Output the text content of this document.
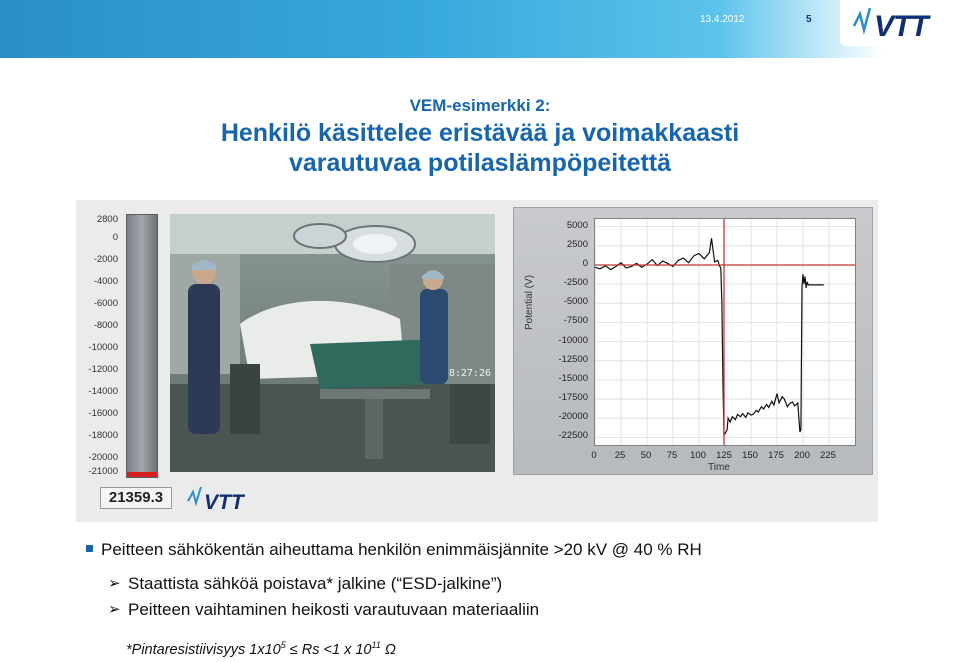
13.4.2012	5 VTT
VEM-esimerkki 2:
Henkilö käsittelee eristävää ja voimakkaasti
varautuvaa potilaslämpöpeitettä
2800
0
-2000
-4000
-6000
-8000
-10000
-12000
-14000
-16000
-18000
-20000
-21000
21359.3	VTT
8:27:26
5000
2500
0
-2500
-5000
-7500
-10000
-12500
-15000
-17500
-20000
-22500
0	25	50	75	100	125	150	175	200	225
Potential (V)
Time
Peitteen sähkökentän aiheuttama henkilön enimmäisjännite >20 kV @ 40 % RH
➢ Staattista sähköä poistava* jalkine (“ESD-jalkine”)
➢ Peitteen vaihtaminen heikosti varautuvaan materiaaliin
*Pintaresistiivisyys $1x10^5 \le Rs <1$ x $10^{11}$ Ω
